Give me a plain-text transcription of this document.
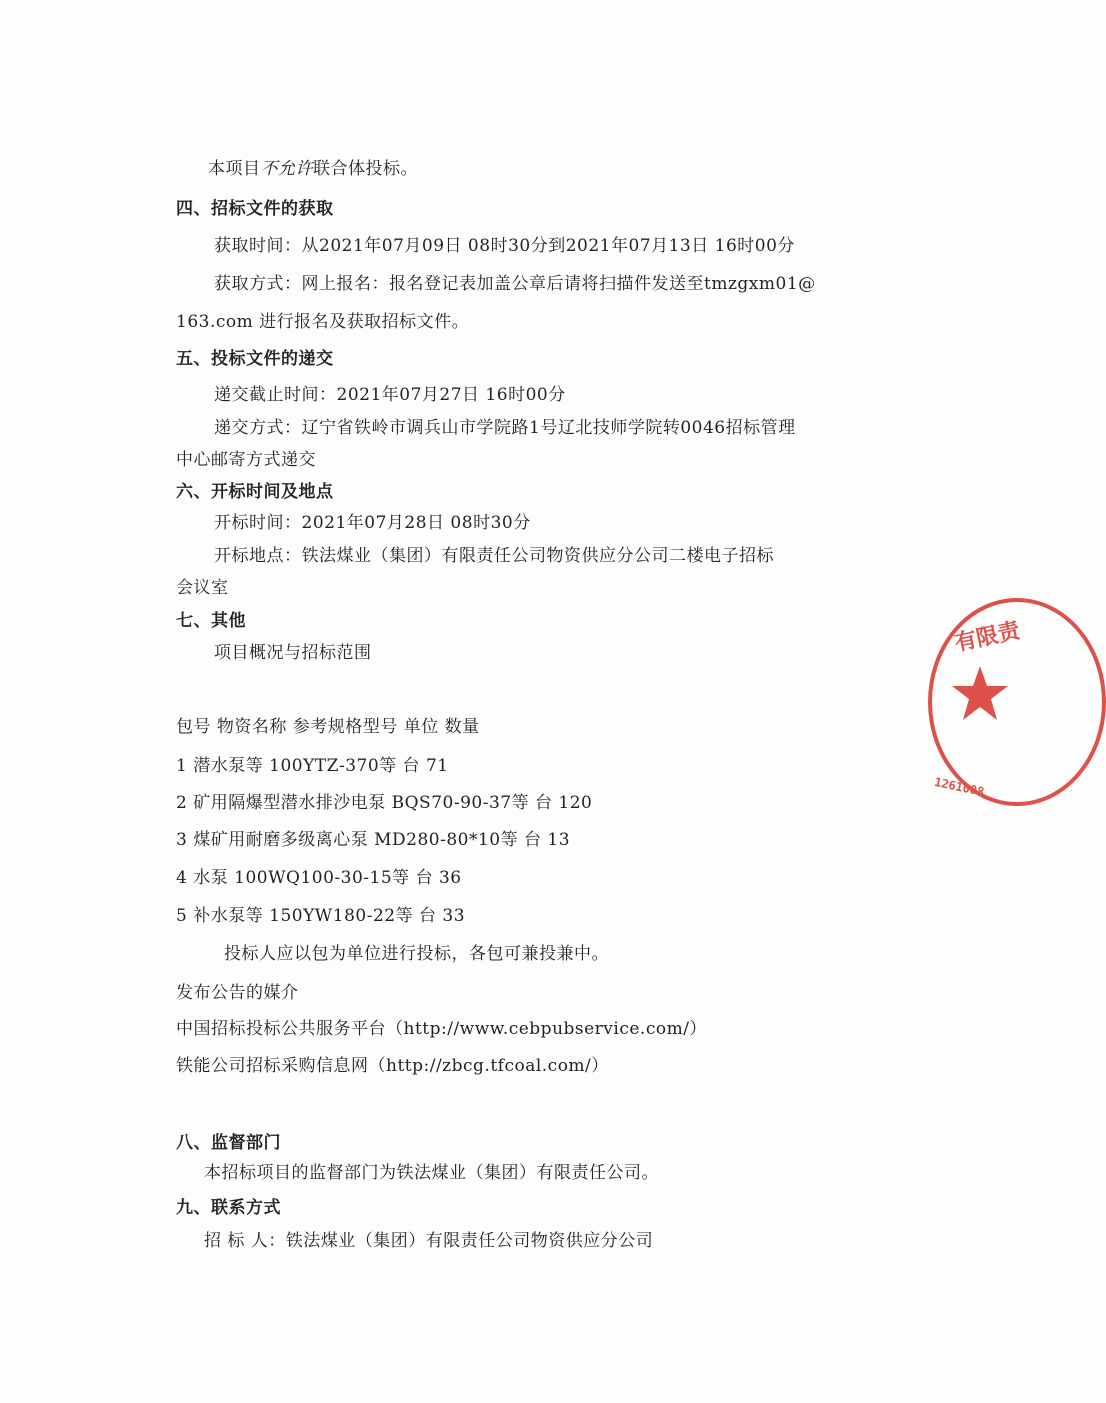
本项目不允许联合体投标。
四、招标文件的获取
获取时间：从2021年07月09日 08时30分到2021年07月13日 16时00分
获取方式：网上报名：报名登记表加盖公章后请将扫描件发送至tmzgxm01@
163.com 进行报名及获取招标文件。
五、投标文件的递交
递交截止时间：2021年07月27日 16时00分
递交方式：辽宁省铁岭市调兵山市学院路1号辽北技师学院转0046招标管理
中心邮寄方式递交
六、开标时间及地点
开标时间：2021年07月28日 08时30分
开标地点：铁法煤业（集团）有限责任公司物资供应分公司二楼电子招标
会议室
七、其他
项目概况与招标范围
包号 物资名称 参考规格型号 单位 数量
1 潜水泵等 100YTZ-370等 台 71
2 矿用隔爆型潜水排沙电泵 BQS70-90-37等 台 120
3 煤矿用耐磨多级离心泵 MD280-80*10等 台 13
4 水泵 100WQ100-30-15等 台 36
5 补水泵等 150YW180-22等 台 33
投标人应以包为单位进行投标，各包可兼投兼中。
发布公告的媒介
中国招标投标公共服务平台（http://www.cebpubservice.com/）
铁能公司招标采购信息网（http://zbcg.tfcoal.com/）
八、监督部门
本招标项目的监督部门为铁法煤业（集团）有限责任公司。
九、联系方式
招 标 人：铁法煤业（集团）有限责任公司物资供应分公司
有限责
1261008
